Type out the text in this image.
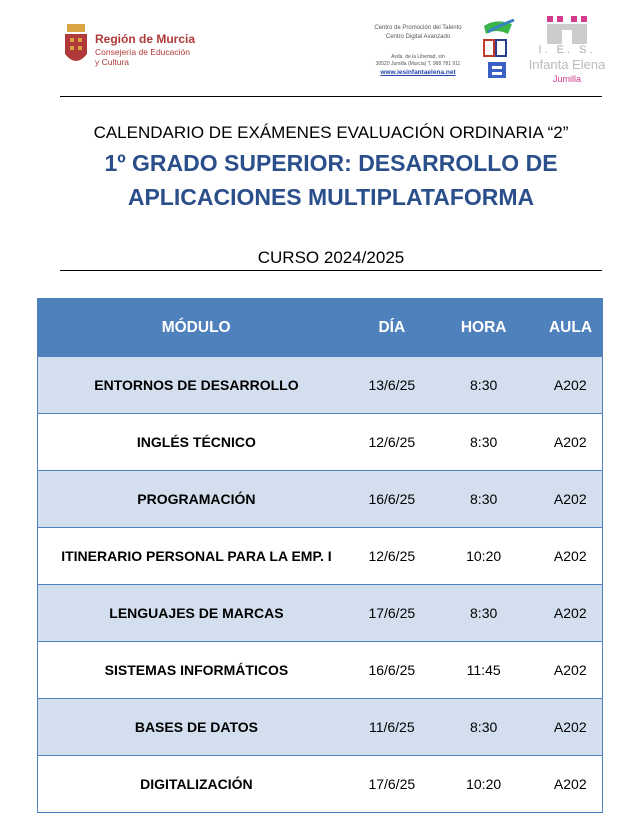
Región de Murcia
Consejería de Educación
y Cultura
Centro de Promoción del Talento
Centro Digital Avanzado
Avda. de la Libertad, s/n
30520 Jumilla (Murcia) T. 968 781 911
www.iesinfantaelena.net
I. E. S.
Infanta Elena
Jumilla
CALENDARIO DE EXÁMENES EVALUACIÓN ORDINARIA “2”
1º GRADO SUPERIOR: DESARROLLO DE
APLICACIONES MULTIPLATAFORMA
CURSO 2024/2025
MÓDULO	DÍA	HORA	AULA
ENTORNOS DE DESARROLLO	13/6/25	8:30	A202
INGLÉS TÉCNICO	12/6/25	8:30	A202
PROGRAMACIÓN	16/6/25	8:30	A202
ITINERARIO PERSONAL PARA LA EMP. I	12/6/25	10:20	A202
LENGUAJES DE MARCAS	17/6/25	8:30	A202
SISTEMAS INFORMÁTICOS	16/6/25	11:45	A202
BASES DE DATOS	11/6/25	8:30	A202
DIGITALIZACIÓN	17/6/25	10:20	A202
